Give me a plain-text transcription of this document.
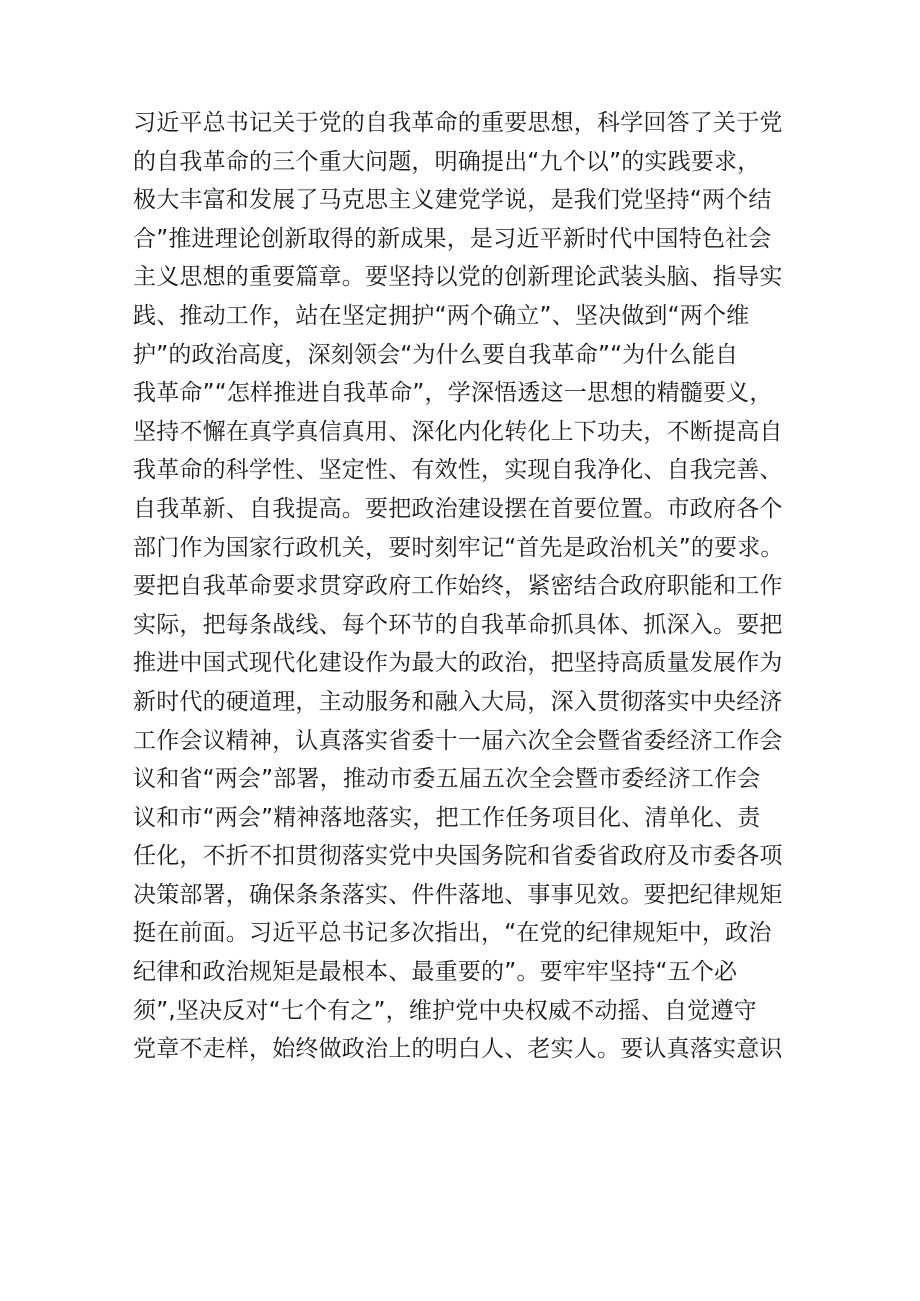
习近平总书记关于党的自我革命的重要思想，科学回答了关于党
的自我革命的三个重大问题，明确提出“九个以”的实践要求，
极大丰富和发展了马克思主义建党学说，是我们党坚持“两个结
合”推进理论创新取得的新成果，是习近平新时代中国特色社会
主义思想的重要篇章。要坚持以党的创新理论武装头脑、指导实
践、推动工作，站在坚定拥护“两个确立”、坚决做到“两个维
护”的政治高度，深刻领会“为什么要自我革命”“为什么能自
我革命”“怎样推进自我革命”，学深悟透这一思想的精髓要义，
坚持不懈在真学真信真用、深化内化转化上下功夫，不断提高自
我革命的科学性、坚定性、有效性，实现自我净化、自我完善、
自我革新、自我提高。要把政治建设摆在首要位置。市政府各个
部门作为国家行政机关，要时刻牢记“首先是政治机关”的要求。
要把自我革命要求贯穿政府工作始终，紧密结合政府职能和工作
实际，把每条战线、每个环节的自我革命抓具体、抓深入。要把
推进中国式现代化建设作为最大的政治，把坚持高质量发展作为
新时代的硬道理，主动服务和融入大局，深入贯彻落实中央经济
工作会议精神，认真落实省委十一届六次全会暨省委经济工作会
议和省“两会”部署，推动市委五届五次全会暨市委经济工作会
议和市“两会”精神落地落实，把工作任务项目化、清单化、责
任化，不折不扣贯彻落实党中央国务院和省委省政府及市委各项
决策部署，确保条条落实、件件落地、事事见效。要把纪律规矩
挺在前面。习近平总书记多次指出，“在党的纪律规矩中，政治
纪律和政治规矩是最根本、最重要的”。要牢牢坚持“五个必
须”,坚决反对“七个有之”，维护党中央权威不动摇、自觉遵守
党章不走样，始终做政治上的明白人、老实人。要认真落实意识
